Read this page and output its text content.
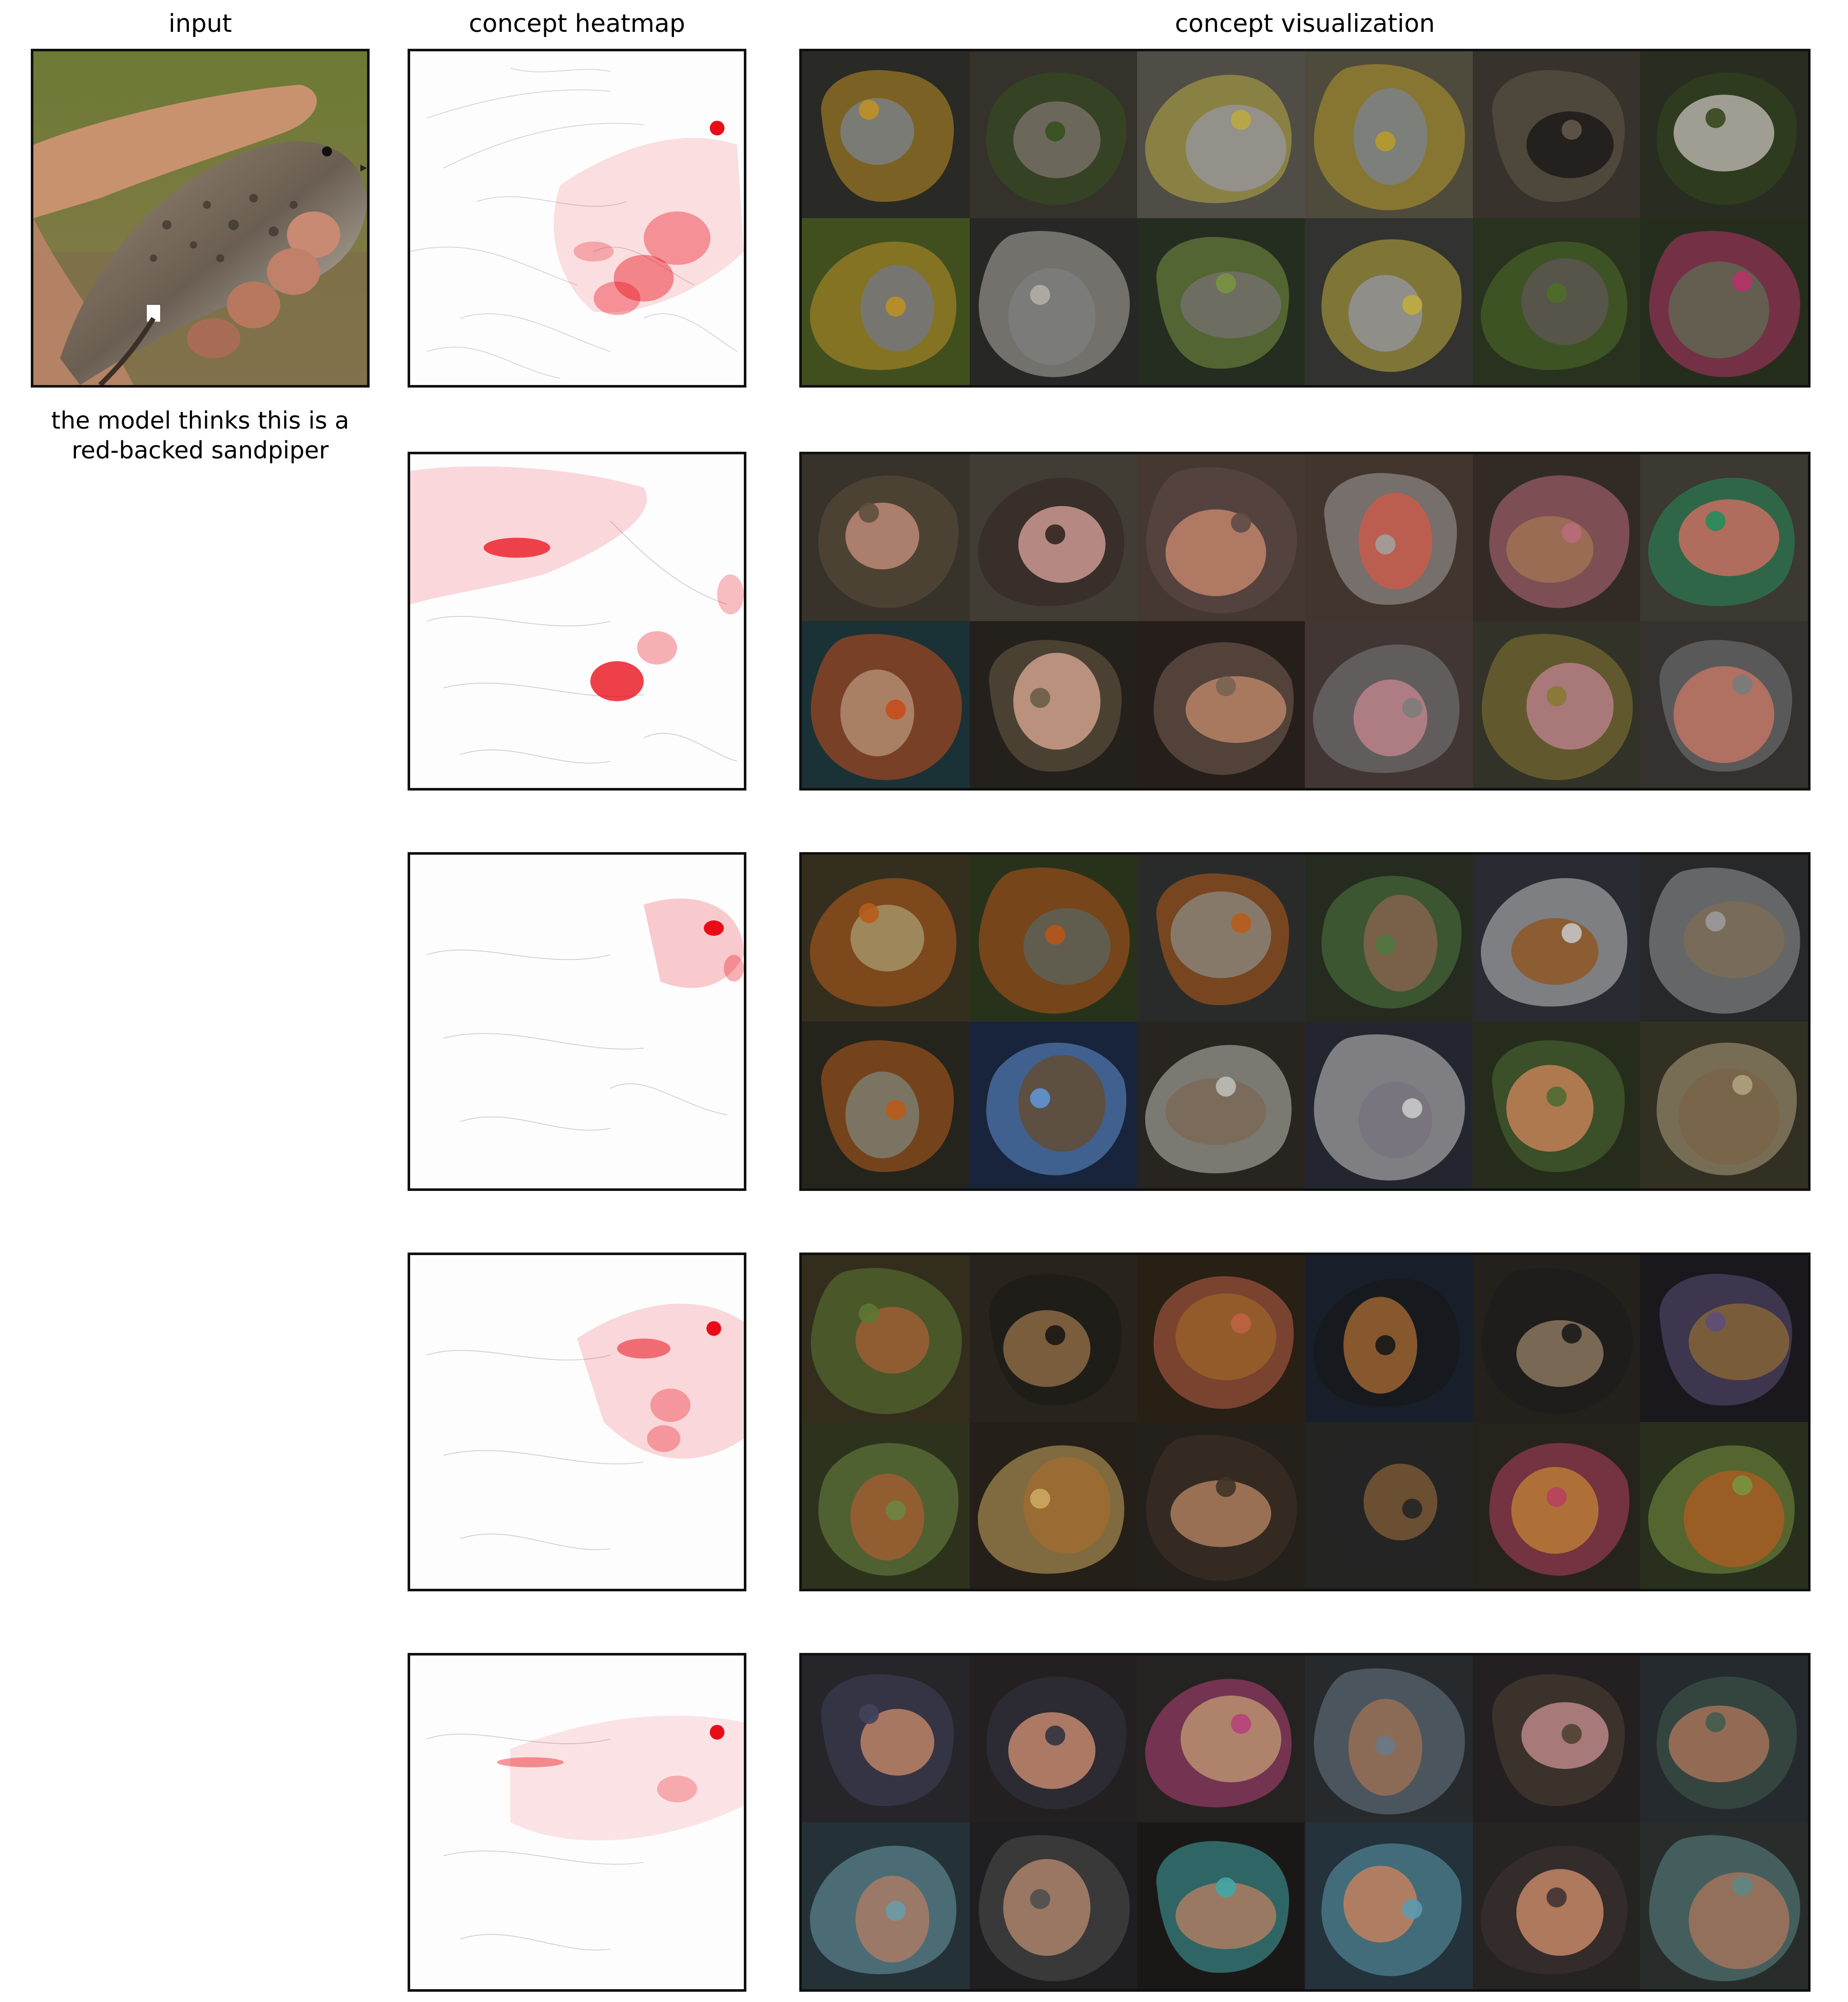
input	concept heatmap	concept visualization
the model thinks this is a
red-backed sandpiper
